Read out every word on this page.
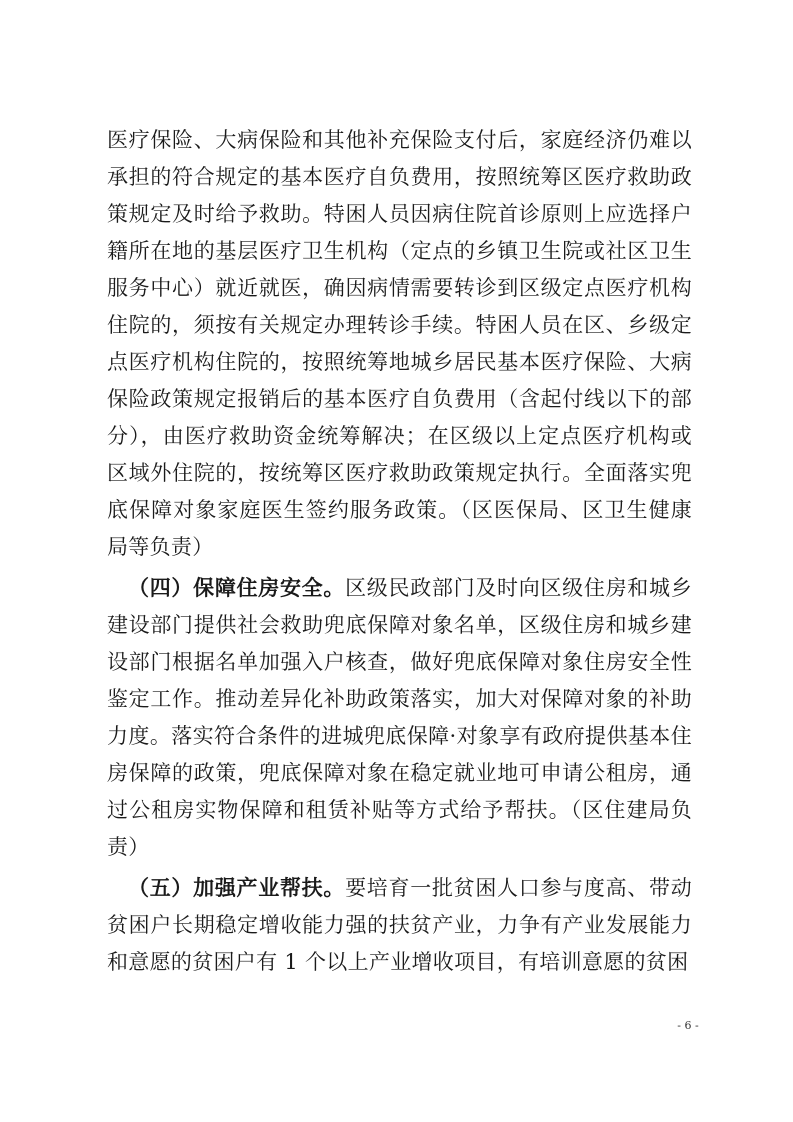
医疗保险、大病保险和其他补充保险支付后，家庭经济仍难以承担的符合规定的基本医疗自负费用，按照统筹区医疗救助政策规定及时给予救助。特困人员因病住院首诊原则上应选择户籍所在地的基层医疗卫生机构（定点的乡镇卫生院或社区卫生服务中心）就近就医，确因病情需要转诊到区级定点医疗机构住院的，须按有关规定办理转诊手续。特困人员在区、乡级定点医疗机构住院的，按照统筹地城乡居民基本医疗保险、大病保险政策规定报销后的基本医疗自负费用（含起付线以下的部分），由医疗救助资金统筹解决；在区级以上定点医疗机构或区域外住院的，按统筹区医疗救助政策规定执行。全面落实兜底保障对象家庭医生签约服务政策。（区医保局、区卫生健康局等负责）

（四）保障住房安全。区级民政部门及时向区级住房和城乡建设部门提供社会救助兜底保障对象名单，区级住房和城乡建设部门根据名单加强入户核查，做好兜底保障对象住房安全性鉴定工作。推动差异化补助政策落实，加大对保障对象的补助力度。落实符合条件的进城兜底保障·对象享有政府提供基本住房保障的政策，兜底保障对象在稳定就业地可申请公租房，通过公租房实物保障和租赁补贴等方式给予帮扶。（区住建局负责）

（五）加强产业帮扶。要培育一批贫困人口参与度高、带动贫困户长期稳定增收能力强的扶贫产业，力争有产业发展能力和意愿的贫困户有 1 个以上产业增收项目，有培训意愿的贫困

- 6 -
